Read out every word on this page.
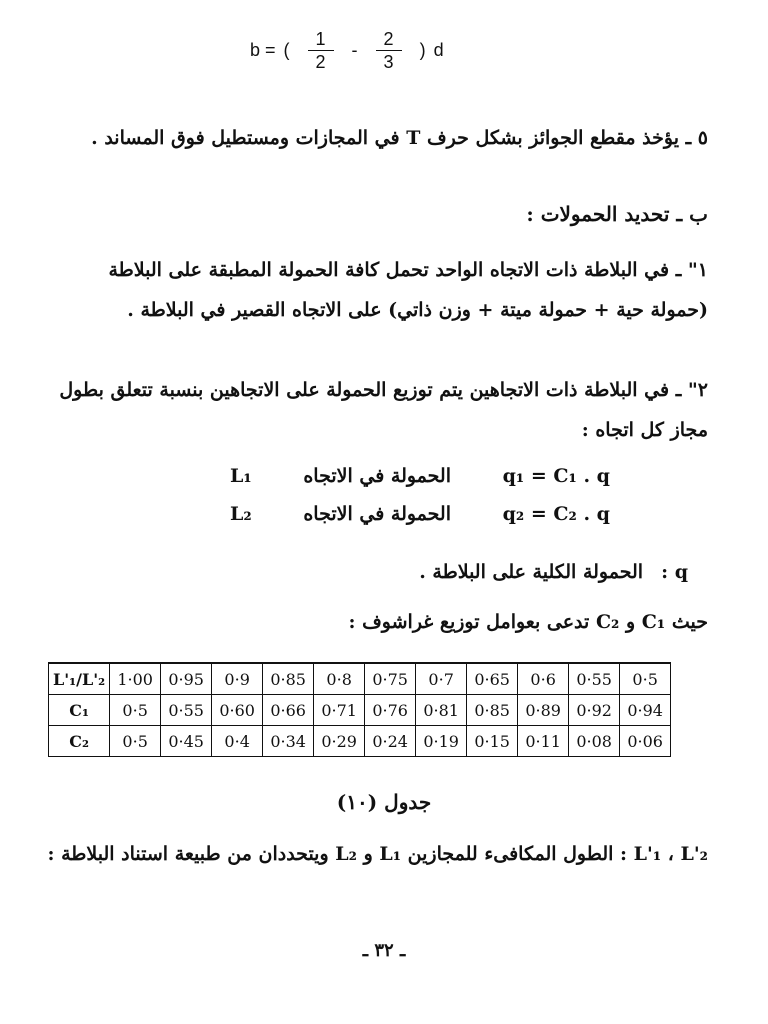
b = ( $\frac{1}{2} - \frac{2}{3}$ ) d
٥ ـ يؤخذ مقطع الجوائز بشكل حرف T في المجازات ومستطيل فوق المساند .
ب ـ تحديد الحمولات :
١" ـ في البلاطة ذات الاتجاه الواحد تحمل كافة الحمولة المطبقة على البلاطة (حمولة حية + حمولة ميتة + وزن ذاتي) على الاتجاه القصير في البلاطة .
٢" ـ في البلاطة ذات الاتجاهين يتم توزيع الحمولة على الاتجاهين بنسبة تتعلق بطول مجاز كل اتجاه :
L₁	الحمولة في الاتجاه	q₁ = C₁ . q
L₂	الحمولة في الاتجاه	q₂ = C₂ . q
q :
الحمولة الكلية على البلاطة .
حيث C₁ و C₂ تدعى بعوامل توزيع غراشوف :
L'₁/L'₂	1·00	0·95	0·9	0·85	0·8	0·75	0·7	0·65	0·6	0·55	0·5
C₁	0·5	0·55	0·60	0·66	0·71	0·76	0·81	0·85	0·89	0·92	0·94
C₂	0·5	0·45	0·4	0·34	0·29	0·24	0·19	0·15	0·11	0·08	0·06
جدول (١٠)
L'₁ ، L'₂ : الطول المكافىء للمجازين L₁ و L₂ ويتحددان من طبيعة استناد البلاطة :
ـ ٣٢ ـ
